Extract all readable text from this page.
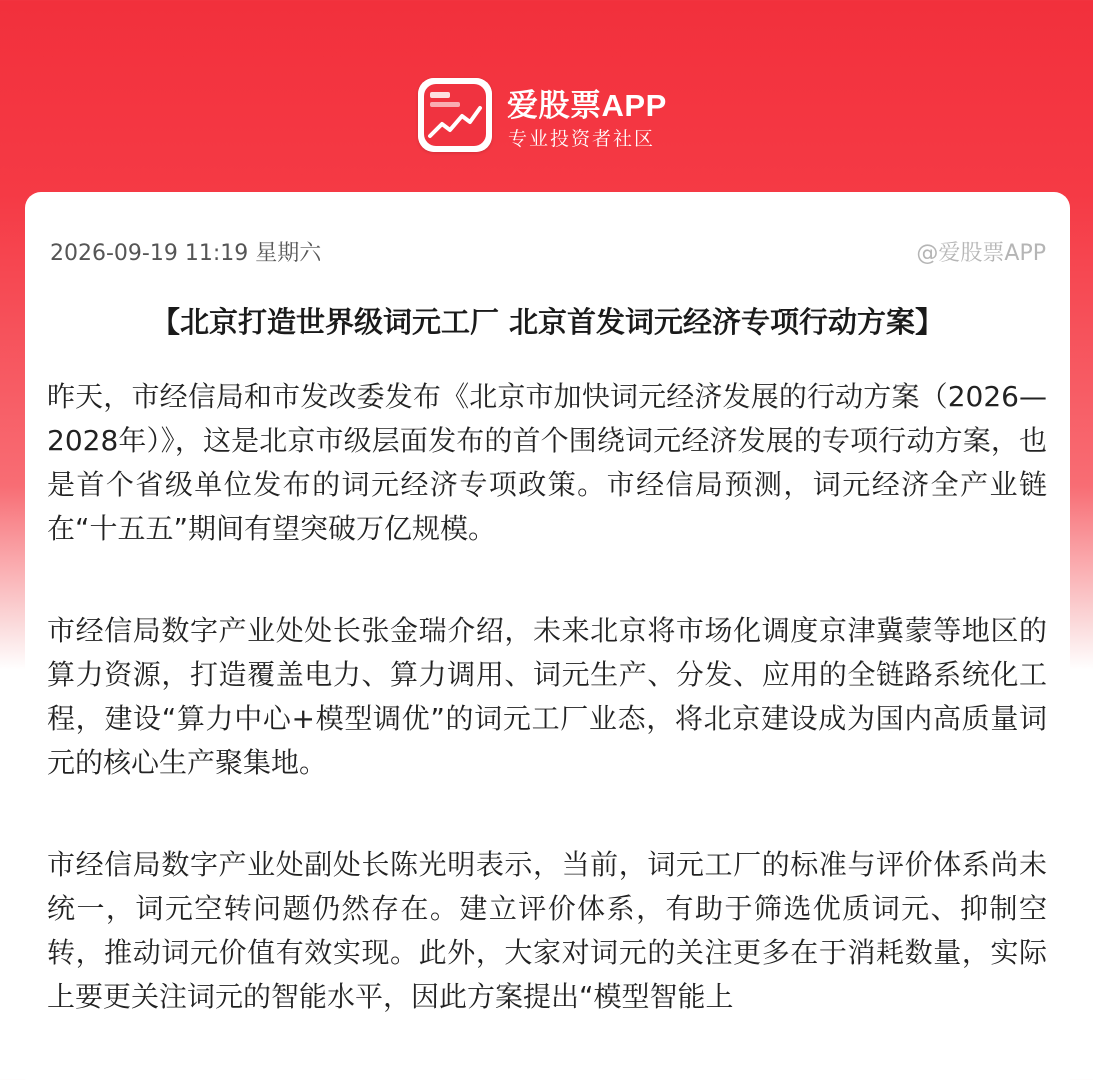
爱股票APP
专业投资者社区
2026-09-19 11:19 星期六	@爱股票APP
【北京打造世界级词元工厂 北京首发词元经济专项行动方案】

昨天，市经信局和市发改委发布《北京市加快词元经济发展的行动方案（2026—2028年）》，这是北京市级层面发布的首个围绕词元经济发展的专项行动方案，也是首个省级单位发布的词元经济专项政策。市经信局预测，词元经济全产业链在“十五五”期间有望突破万亿规模。

市经信局数字产业处处长张金瑞介绍，未来北京将市场化调度京津冀蒙等地区的算力资源，打造覆盖电力、算力调用、词元生产、分发、应用的全链路系统化工程，建设“算力中心+模型调优”的词元工厂业态，将北京建设成为国内高质量词元的核心生产聚集地。

市经信局数字产业处副处长陈光明表示，当前，词元工厂的标准与评价体系尚未统一，词元空转问题仍然存在。建立评价体系，有助于筛选优质词元、抑制空转，推动词元价值有效实现。此外，大家对词元的关注更多在于消耗数量，实际上要更关注词元的智能水平，因此方案提出“模型智能上
